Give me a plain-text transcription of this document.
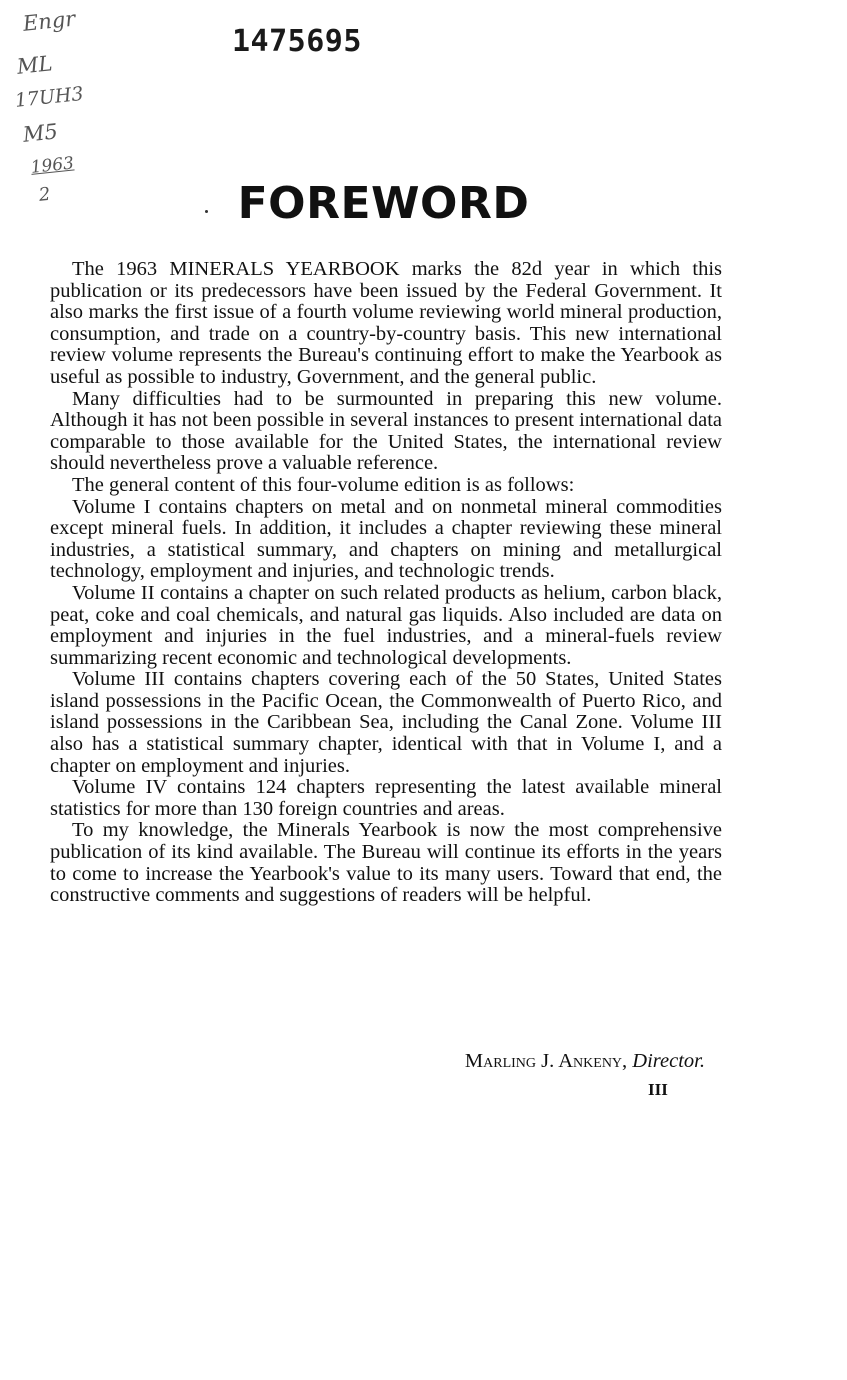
Engr
ML
17UH3
M5
1963
2
1475695
FOREWORD

The 1963 MINERALS YEARBOOK marks the 82d year in which this publication or its predecessors have been issued by the Federal Government. It also marks the first issue of a fourth volume reviewing world mineral production, consumption, and trade on a country-by-country basis. This new international review volume represents the Bureau's continuing effort to make the Yearbook as useful as possible to industry, Government, and the general public.

Many difficulties had to be surmounted in preparing this new volume. Although it has not been possible in several instances to present international data comparable to those available for the United States, the international review should nevertheless prove a valuable reference.

The general content of this four-volume edition is as follows:

Volume I contains chapters on metal and on nonmetal mineral commodities except mineral fuels. In addition, it includes a chapter reviewing these mineral industries, a statistical summary, and chapters on mining and metallurgical technology, employment and injuries, and technologic trends.

Volume II contains a chapter on such related products as helium, carbon black, peat, coke and coal chemicals, and natural gas liquids. Also included are data on employment and injuries in the fuel industries, and a mineral-fuels review summarizing recent economic and technological developments.

Volume III contains chapters covering each of the 50 States, United States island possessions in the Pacific Ocean, the Commonwealth of Puerto Rico, and island possessions in the Caribbean Sea, including the Canal Zone. Volume III also has a statistical summary chapter, identical with that in Volume I, and a chapter on employment and injuries.

Volume IV contains 124 chapters representing the latest available mineral statistics for more than 130 foreign countries and areas.

To my knowledge, the Minerals Yearbook is now the most comprehensive publication of its kind available. The Bureau will continue its efforts in the years to come to increase the Yearbook's value to its many users. Toward that end, the constructive comments and suggestions of readers will be helpful.

Marling J. Ankeny, Director.
III
